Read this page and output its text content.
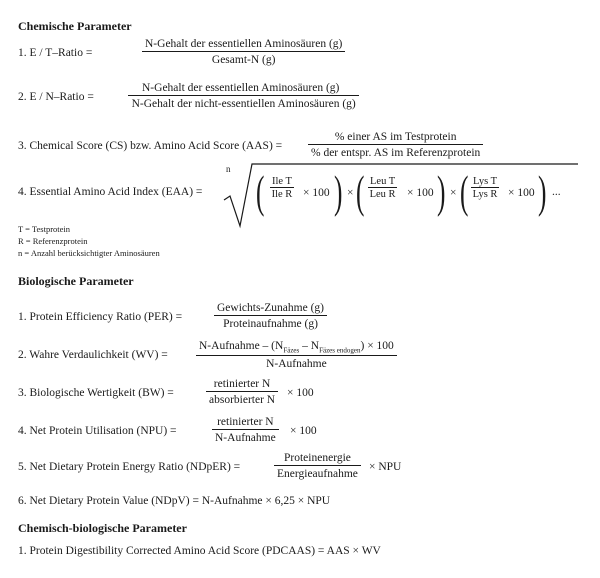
Chemische Parameter
1. E / T–Ratio =
N-Gehalt der essentiellen Aminosäuren (g)
Gesamt-N (g)
2. E / N–Ratio =
N-Gehalt der essentiellen Aminosäuren (g)
N-Gehalt der nicht-essentiellen Aminosäuren (g)
3. Chemical Score (CS) bzw. Amino Acid Score (AAS) =
% einer AS im Testprotein
% der entspr. AS im Referenzprotein
4. Essential Amino Acid Index (EAA) =
n ( Ile T
Ile R × 100 ) × ( Leu T
Leu R × 100 ) × ( Lys T
Lys R × 100 ) ...
T = Testprotein
R = Referenzprotein
n = Anzahl berücksichtigter Aminosäuren
Biologische Parameter
1. Protein Efficiency Ratio (PER) =
Gewichts-Zunahme (g)
Proteinaufnahme (g)
2. Wahre Verdaulichkeit (WV) =
N-Aufnahme – $(N_{Fäzes} - N_{Fäzes endogen}) \times 100$
N-Aufnahme
3. Biologische Wertigkeit (BW) =
retinierter N
absorbierter N
× 100
4. Net Protein Utilisation (NPU) =
retinierter N
N-Aufnahme
× 100
5. Net Dietary Protein Energy Ratio (NDpER) =
Proteinenergie
Energieaufnahme
× NPU
6. Net Dietary Protein Value (NDpV) = N-Aufnahme × 6,25 × NPU
Chemisch-biologische Parameter
1. Protein Digestibility Corrected Amino Acid Score (PDCAAS) = AAS × WV
